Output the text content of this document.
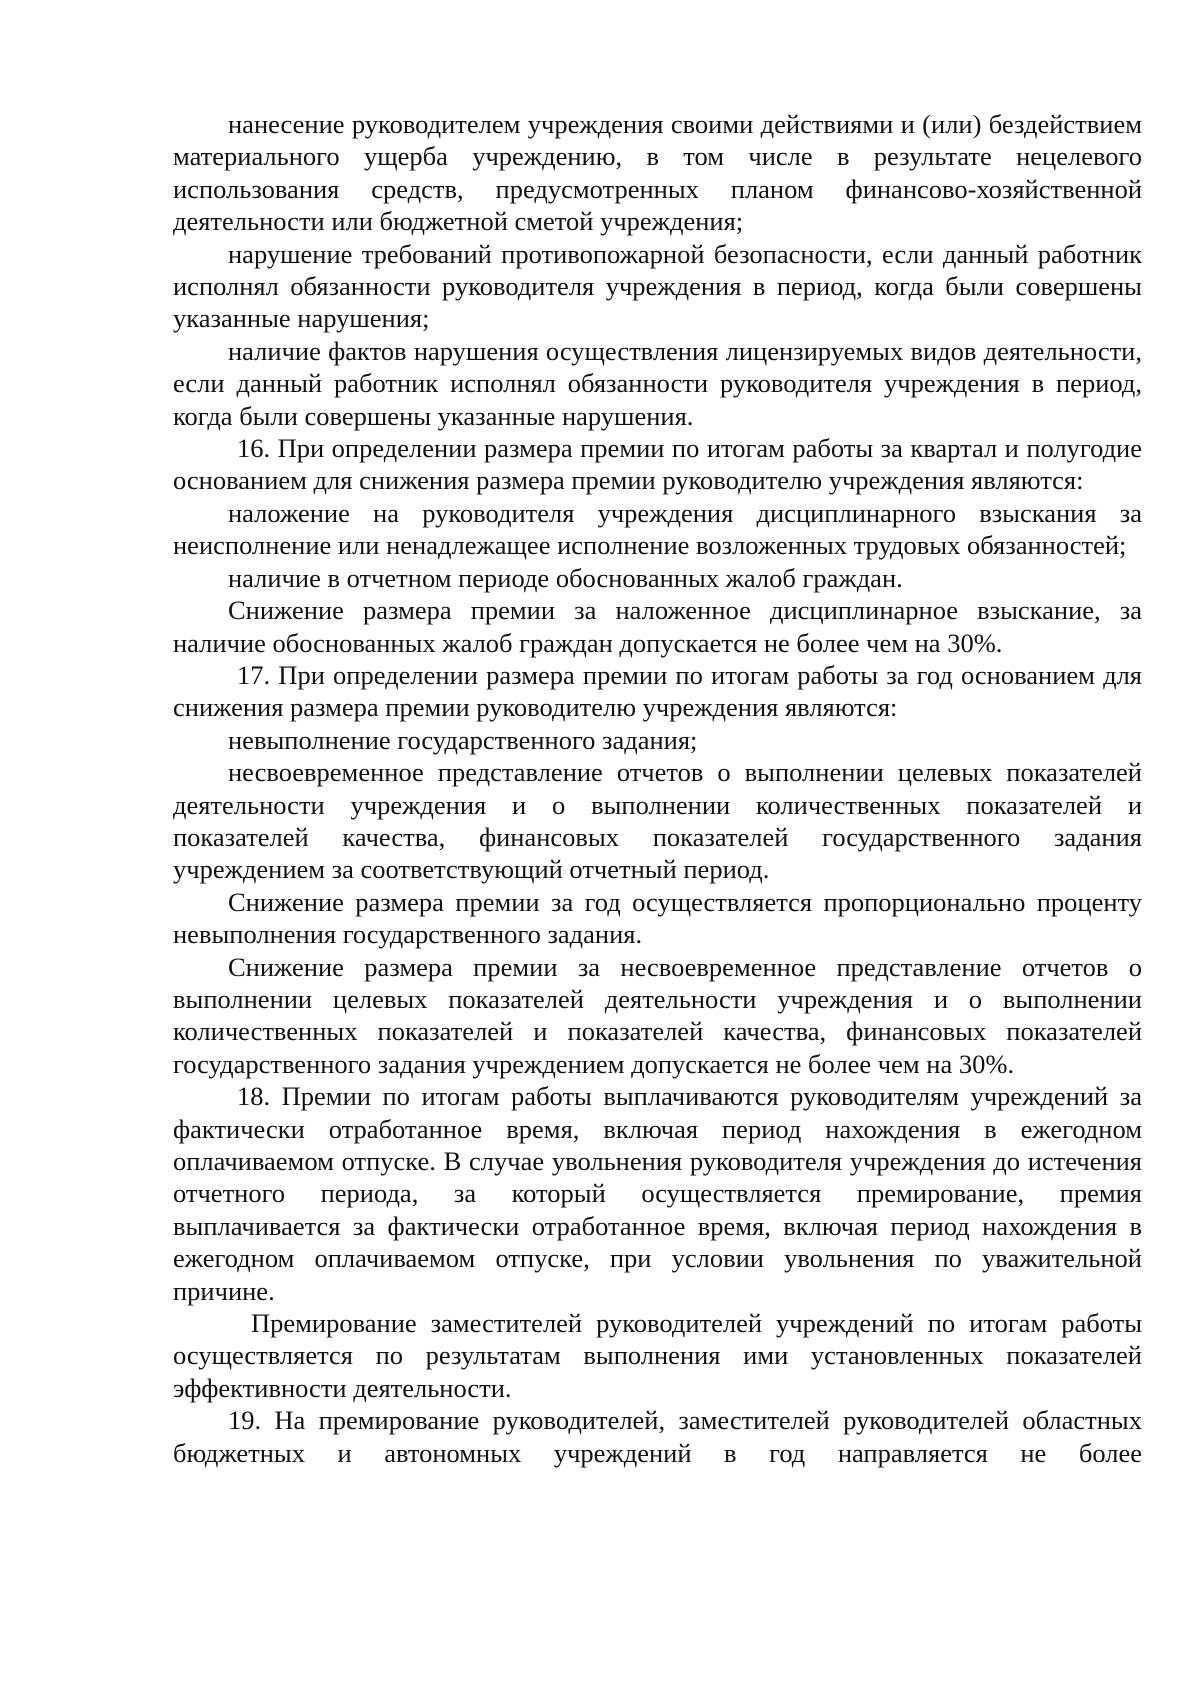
нанесение руководителем учреждения своими действиями и (или) бездействием материального ущерба учреждению, в том числе в результате нецелевого использования средств, предусмотренных планом финансово-хозяйственной деятельности или бюджетной сметой учреждения;

нарушение требований противопожарной безопасности, если данный работник исполнял обязанности руководителя учреждения в период, когда были совершены указанные нарушения;

наличие фактов нарушения осуществления лицензируемых видов деятельности, если данный работник исполнял обязанности руководителя учреждения в период, когда были совершены указанные нарушения.

16. При определении размера премии по итогам работы за квартал и полугодие основанием для снижения размера премии руководителю учреждения являются:

наложение на руководителя учреждения дисциплинарного взыскания за неисполнение или ненадлежащее исполнение возложенных трудовых обязанностей;

наличие в отчетном периоде обоснованных жалоб граждан.

Снижение размера премии за наложенное дисциплинарное взыскание, за наличие обоснованных жалоб граждан допускается не более чем на 30%.

17. При определении размера премии по итогам работы за год основанием для снижения размера премии руководителю учреждения являются:

невыполнение государственного задания;

несвоевременное представление отчетов о выполнении целевых показателей деятельности учреждения и о выполнении количественных показателей и показателей качества, финансовых показателей государственного задания учреждением за соответствующий отчетный период.

Снижение размера премии за год осуществляется пропорционально проценту невыполнения государственного задания.

Снижение размера премии за несвоевременное представление отчетов о выполнении целевых показателей деятельности учреждения и о выполнении количественных показателей и показателей качества, финансовых показателей государственного задания учреждением допускается не более чем на 30%.

18. Премии по итогам работы выплачиваются руководителям учреждений за фактически отработанное время, включая период нахождения в ежегодном оплачиваемом отпуске. В случае увольнения руководителя учреждения до истечения отчетного периода, за который осуществляется премирование, премия выплачивается за фактически отработанное время, включая период нахождения в ежегодном оплачиваемом отпуске, при условии увольнения по уважительной причине.

Премирование заместителей руководителей учреждений по итогам работы осуществляется по результатам выполнения ими установленных показателей эффективности деятельности.

19. На премирование руководителей, заместителей руководителей областных бюджетных и автономных учреждений в год направляется не более
